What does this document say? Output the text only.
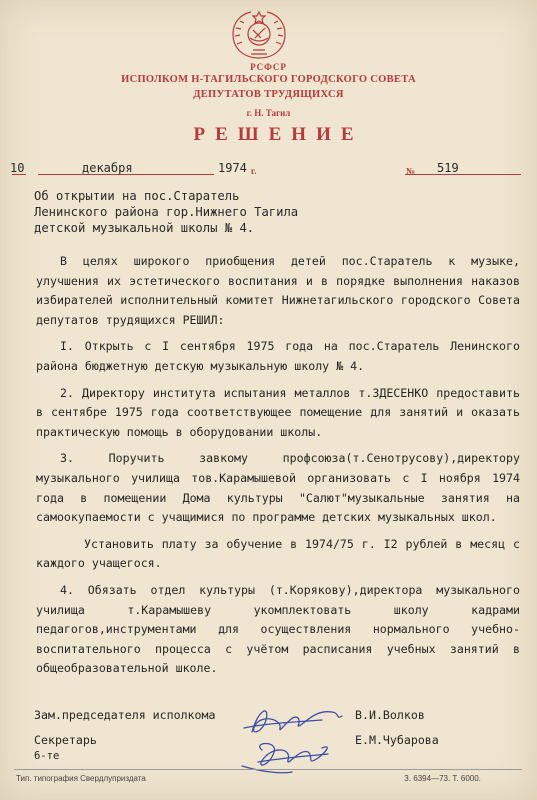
РСФСР
ИСПОЛКОМ Н-ТАГИЛЬСКОГО ГОРОДСКОГО СОВЕТА
ДЕПУТАТОВ ТРУДЯЩИХСЯ
г. Н. Тагил
РЕШЕНИЕ
10	декабря	1974 г.	№ 519
Об открытии на пос.Старатель
Ленинского района гор.Нижнего Тагила
детской музыкальной школы № 4.

В целях широкого приобщения детей пос.Старатель к музыке, улучшения их эстетического воспитания и в порядке выполнения наказов избирателей исполнительный комитет Нижнетагильского городского Совета депутатов трудящихся РЕШИЛ:

I. Открыть с I сентября 1975 года на пос.Старатель Ленинского района бюджетную детскую музыкальную школу № 4.

2. Директору института испытания металлов т.ЗДЕСЕНКО предоставить в сентябре 1975 года соответствующее помещение для занятий и оказать практическую помощь в оборудовании школы.

3. Поручить завкому профсоюза(т.Сенотрусову),директору музыкального училища тов.Карамышевой организовать с I ноября 1974 года в помещении Дома культуры "Салют"музыкальные занятия на самоокупаемости с учащимися по программе детских музыкальных школ.

Установить плату за обучение в 1974/75 г. I2 рублей в месяц с каждого учащегося.

4. Обязать отдел культуры (т.Корякову),директора музыкального училища т.Карамышеву укомплектовать школу кадрами педагогов,инструментами для осуществления нормального учебно-воспитательного процесса с учётом расписания учебных занятий в общеобразовательной школе.

Зам.председателя исполкома	В.И.Волков
Секретарь	Е.М.Чубарова
6-те
Тип. типография Свердлуприздата	З. 6394—73. Т. 6000.
